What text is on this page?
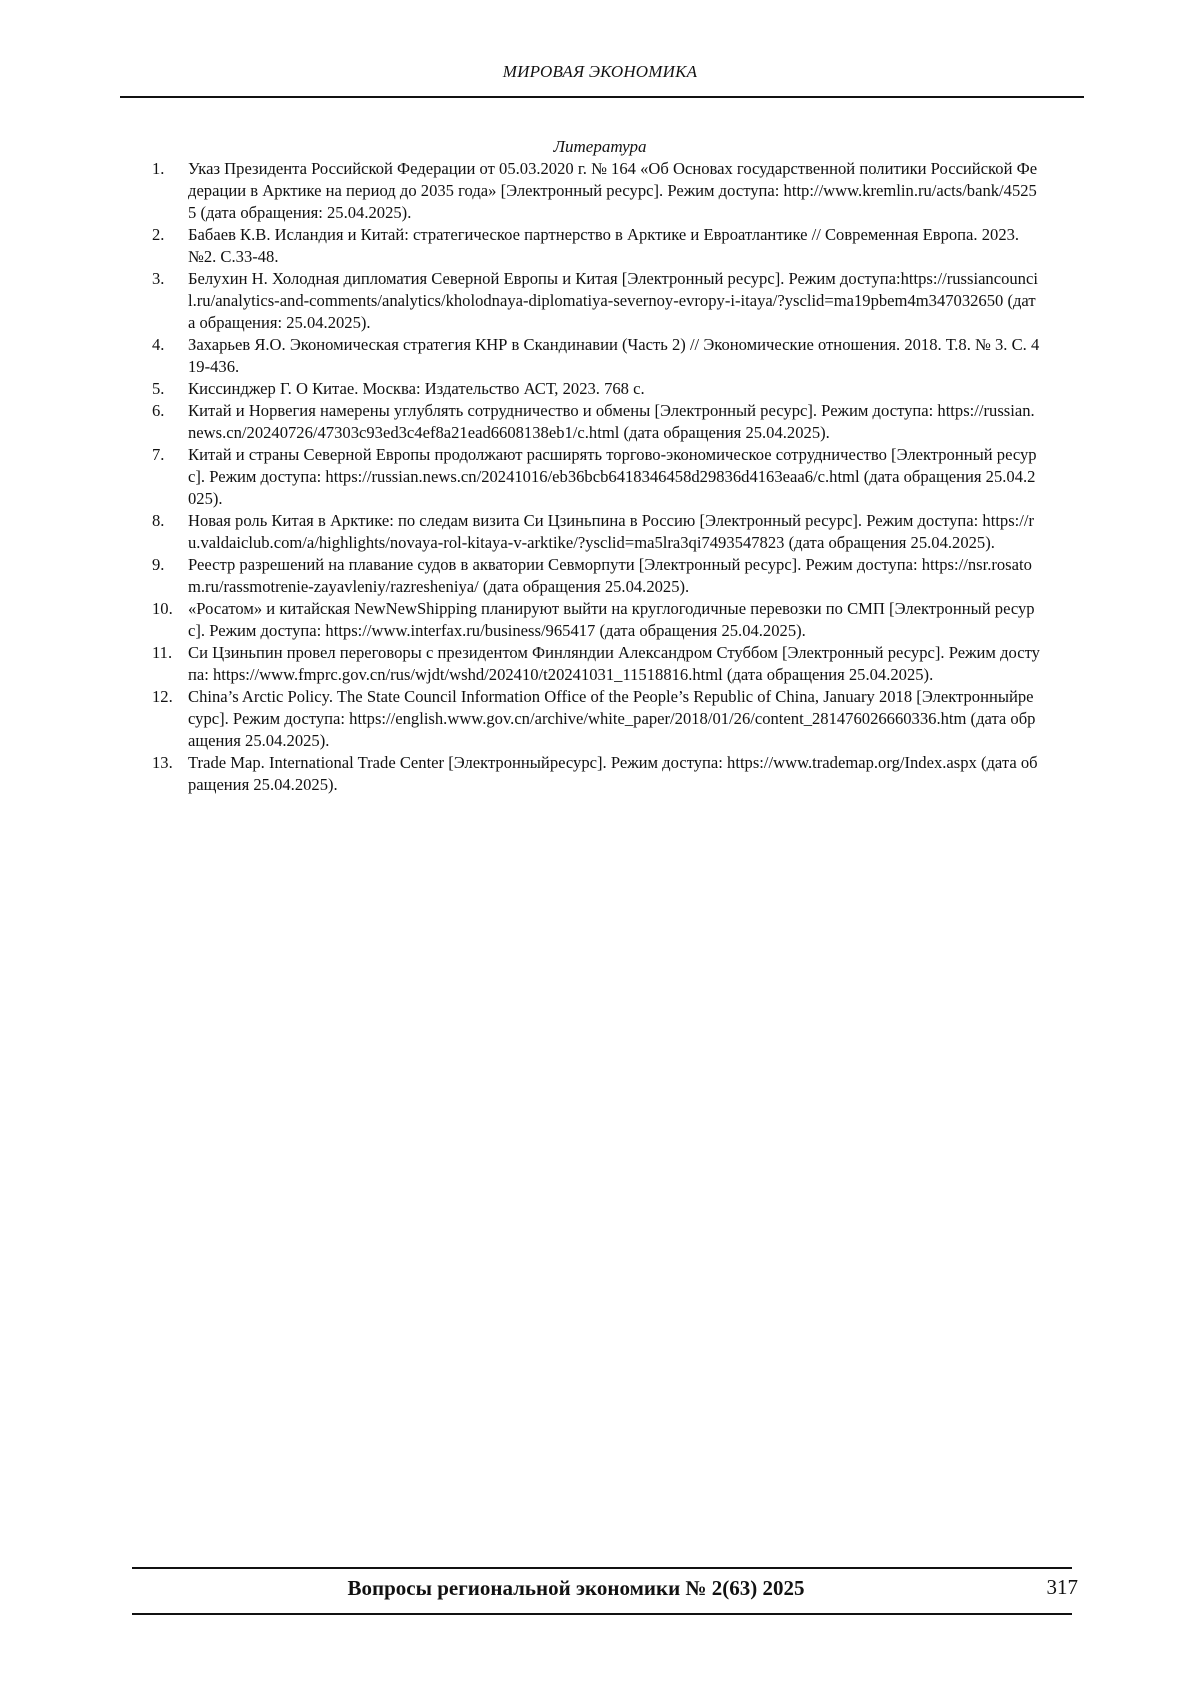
МИРОВАЯ ЭКОНОМИКА
Литература
1. Указ Президента Российской Федерации от 05.03.2020 г. № 164 «Об Основах государственной политики Российской Федерации в Арктике на период до 2035 года» [Электронный ресурс]. Режим доступа: http://www.kremlin.ru/acts/bank/45255 (дата обращения: 25.04.2025).
2. Бабаев К.В. Исландия и Китай: стратегическое партнерство в Арктике и Евроатлантике // Современная Европа. 2023. №2. С.33-48.
3. Белухин Н. Холодная дипломатия Северной Европы и Китая [Электронный ресурс]. Режим доступа:https://russiancouncil.ru/analytics-and-comments/analytics/kholodnaya-diplomatiya-severnoy-evropy-i-itaya/?ysclid=ma19pbem4m347032650 (дата обращения: 25.04.2025).
4. Захарьев Я.О. Экономическая стратегия КНР в Скандинавии (Часть 2) // Экономические отношения. 2018. Т.8. № 3. С. 419-436.
5. Киссинджер Г. О Китае. Москва: Издательство АСТ, 2023. 768 с.
6. Китай и Норвегия намерены углублять сотрудничество и обмены [Электронный ресурс]. Режим доступа: https://russian.news.cn/20240726/47303c93ed3c4ef8a21ead6608138eb1/c.html (дата обращения 25.04.2025).
7. Китай и страны Северной Европы продолжают расширять торгово-экономическое сотрудничество [Электронный ресурс]. Режим доступа: https://russian.news.cn/20241016/eb36bcb6418346458d29836d4163eaa6/c.html (дата обращения 25.04.2025).
8. Новая роль Китая в Арктике: по следам визита Си Цзиньпина в Россию [Электронный ресурс]. Режим доступа: https://ru.valdaiclub.com/a/highlights/novaya-rol-kitaya-v-arktike/?ysclid=ma5lra3qi7493547823 (дата обращения 25.04.2025).
9. Реестр разрешений на плавание судов в акватории Севморпути [Электронный ресурс]. Режим доступа: https://nsr.rosatom.ru/rassmotrenie-zayavleniy/razresheniya/ (дата обращения 25.04.2025).
10. «Росатом» и китайская NewNewShipping планируют выйти на круглогодичные перевозки по СМП [Электронный ресурс]. Режим доступа: https://www.interfax.ru/business/965417 (дата обращения 25.04.2025).
11. Си Цзиньпин провел переговоры с президентом Финляндии Александром Стуббом [Электронный ресурс]. Режим доступа: https://www.fmprc.gov.cn/rus/wjdt/wshd/202410/t20241031_11518816.html (дата обращения 25.04.2025).
12. China’s Arctic Policy. The State Council Information Office of the People’s Republic of China, January 2018 [Электронныйресурс]. Режим доступа: https://english.www.gov.cn/archive/white_paper/2018/01/26/content_281476026660336.htm (дата обращения 25.04.2025).
13. Trade Map. International Trade Center [Электронныйресурс]. Режим доступа: https://www.trademap.org/Index.aspx (дата обращения 25.04.2025).
Вопросы региональной экономики № 2(63) 2025	317
